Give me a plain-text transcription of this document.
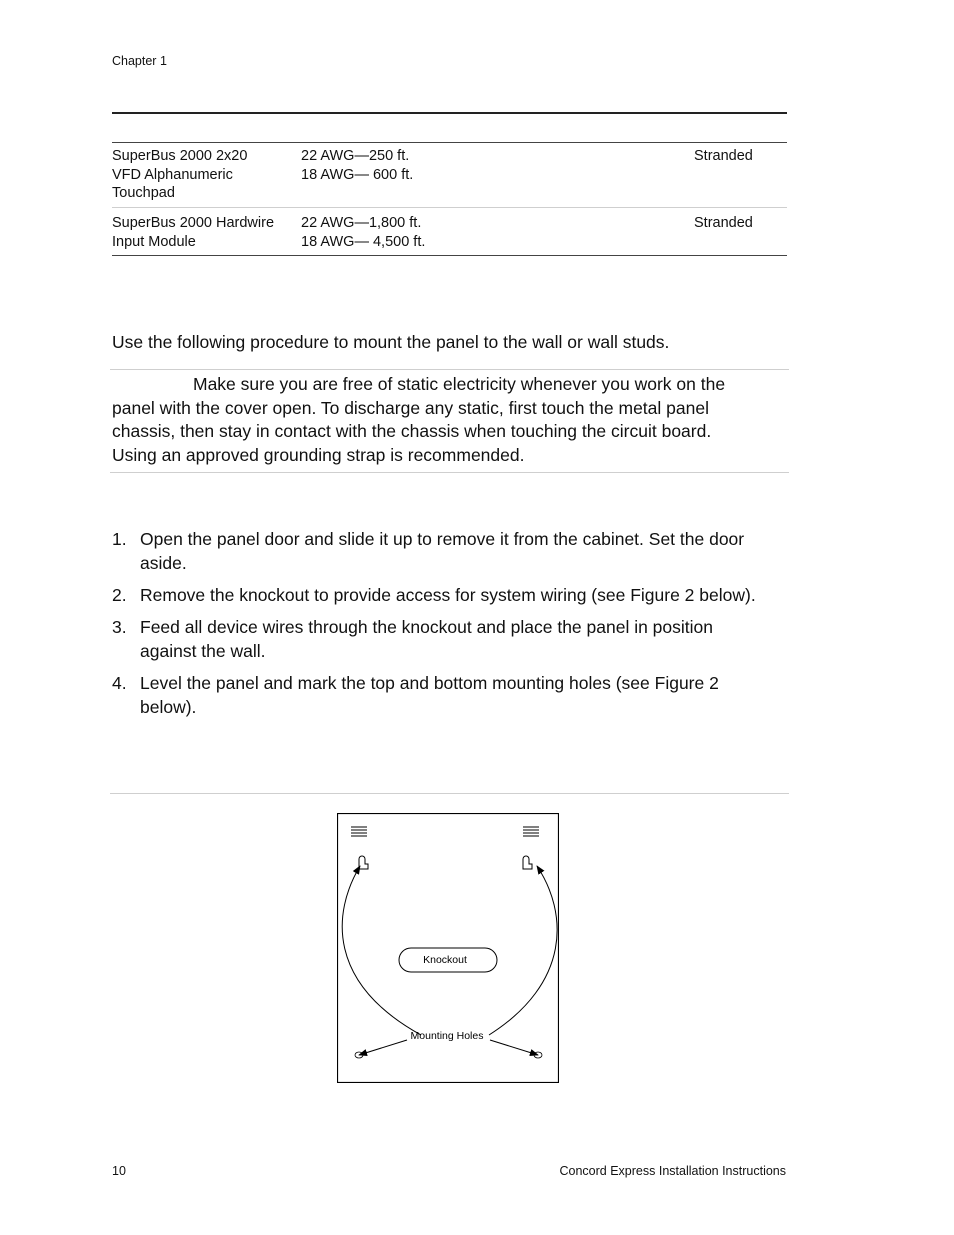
Chapter 1
SuperBus 2000 2x20
VFD Alphanumeric
Touchpad
22 AWG—250 ft.
18 AWG— 600 ft.
Stranded
SuperBus 2000 Hardwire
Input Module
22 AWG—1,800 ft.
18 AWG— 4,500 ft.
Stranded
Use the following procedure to mount the panel to the wall or wall studs.
Make sure you are free of static electricity whenever you work on the
panel with the cover open. To discharge any static, first touch the metal panel
chassis, then stay in contact with the chassis when touching the circuit board.
Using an approved grounding strap is recommended.
1. Open the panel door and slide it up to remove it from the cabinet. Set the door aside.
2. Remove the knockout to provide access for system wiring (see Figure 2 below).
3. Feed all device wires through the knockout and place the panel in position against the wall.
4. Level the panel and mark the top and bottom mounting holes (see Figure 2 below).
Knockout
Mounting Holes
10	Concord Express Installation Instructions
